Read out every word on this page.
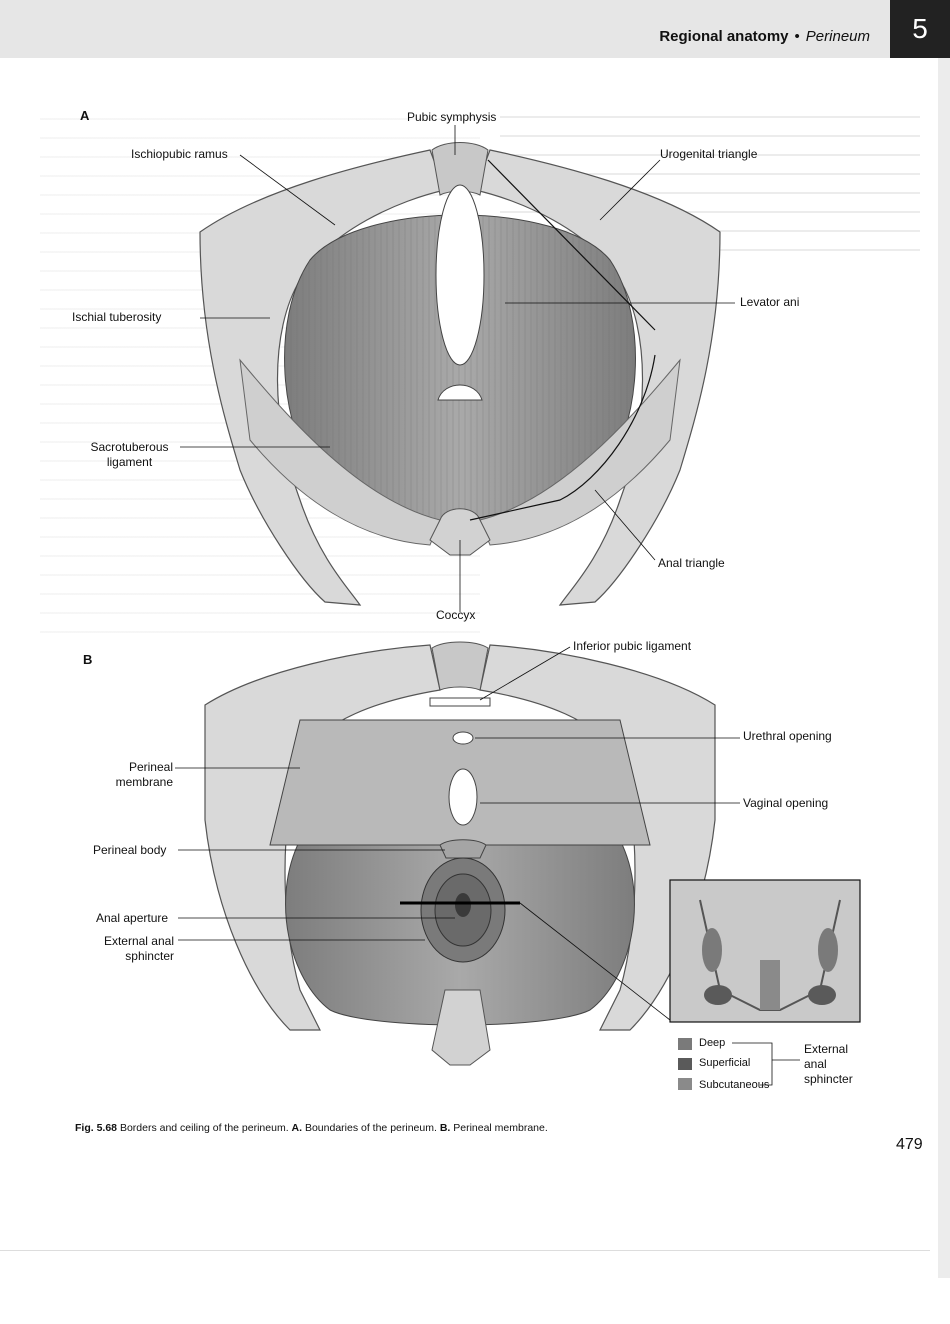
Regional anatomy • Perineum	5
A
B
Pubic symphysis
Ischiopubic ramus	Urogenital triangle
Levator ani
Ischial tuberosity
Sacrotuberous
ligament
Anal triangle
Coccyx
Inferior pubic ligament
Urethral opening
Perineal
membrane
Vaginal opening
Perineal body
Anal aperture
External anal
sphincter
Deep
Superficial
Subcutaneous
External
anal
sphincter
Fig. 5.68 Borders and ceiling of the perineum. A. Boundaries of the perineum. B. Perineal membrane.
479
